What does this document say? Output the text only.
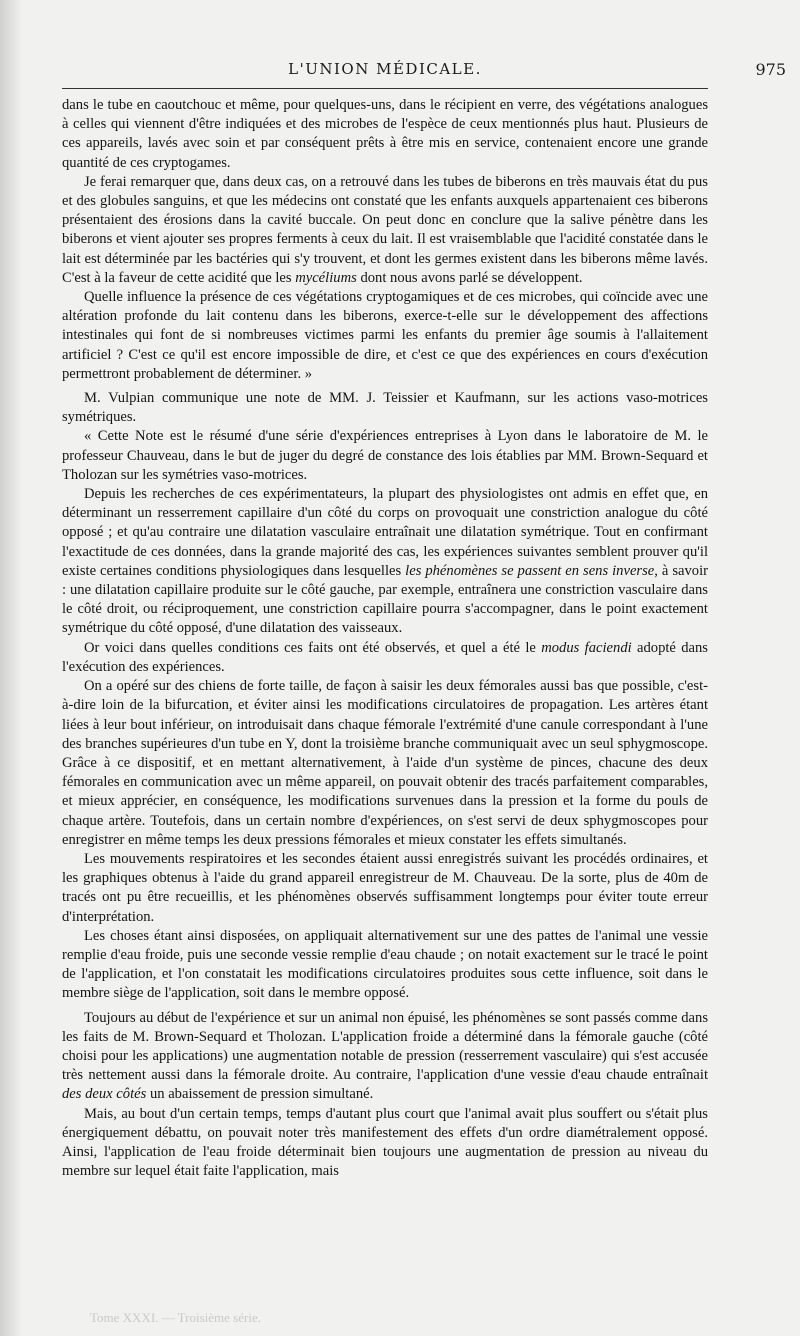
L'UNION MÉDICALE.	975

dans le tube en caoutchouc et même, pour quelques-uns, dans le récipient en verre, des végétations analogues à celles qui viennent d'être indiquées et des microbes de l'espèce de ceux mentionnés plus haut. Plusieurs de ces appareils, lavés avec soin et par conséquent prêts à être mis en service, contenaient encore une grande quantité de ces cryptogames.

Je ferai remarquer que, dans deux cas, on a retrouvé dans les tubes de biberons en très mauvais état du pus et des globules sanguins, et que les médecins ont constaté que les enfants auxquels appartenaient ces biberons présentaient des érosions dans la cavité buccale. On peut donc en conclure que la salive pénètre dans les biberons et vient ajouter ses propres ferments à ceux du lait. Il est vraisemblable que l'acidité constatée dans le lait est déterminée par les bactéries qui s'y trouvent, et dont les germes existent dans les biberons même lavés. C'est à la faveur de cette acidité que les mycéliums dont nous avons parlé se développent.

Quelle influence la présence de ces végétations cryptogamiques et de ces microbes, qui coïncide avec une altération profonde du lait contenu dans les biberons, exerce-t-elle sur le développement des affections intestinales qui font de si nombreuses victimes parmi les enfants du premier âge soumis à l'allaitement artificiel ? C'est ce qu'il est encore impossible de dire, et c'est ce que des expériences en cours d'exécution permettront probablement de déterminer. »

M. Vulpian communique une note de MM. J. Teissier et Kaufmann, sur les actions vaso-motrices symétriques.

« Cette Note est le résumé d'une série d'expériences entreprises à Lyon dans le laboratoire de M. le professeur Chauveau, dans le but de juger du degré de constance des lois établies par MM. Brown-Sequard et Tholozan sur les symétries vaso-motrices.

Depuis les recherches de ces expérimentateurs, la plupart des physiologistes ont admis en effet que, en déterminant un resserrement capillaire d'un côté du corps on provoquait une constriction analogue du côté opposé ; et qu'au contraire une dilatation vasculaire entraînait une dilatation symétrique. Tout en confirmant l'exactitude de ces données, dans la grande majorité des cas, les expériences suivantes semblent prouver qu'il existe certaines conditions physiologiques dans lesquelles les phénomènes se passent en sens inverse, à savoir : une dilatation capillaire produite sur le côté gauche, par exemple, entraînera une constriction vasculaire dans le côté droit, ou réciproquement, une constriction capillaire pourra s'accompagner, dans le point exactement symétrique du côté opposé, d'une dilatation des vaisseaux.

Or voici dans quelles conditions ces faits ont été observés, et quel a été le modus faciendi adopté dans l'exécution des expériences.

On a opéré sur des chiens de forte taille, de façon à saisir les deux fémorales aussi bas que possible, c'est-à-dire loin de la bifurcation, et éviter ainsi les modifications circulatoires de propagation. Les artères étant liées à leur bout inférieur, on introduisait dans chaque fémorale l'extrémité d'une canule correspondant à l'une des branches supérieures d'un tube en Y, dont la troisième branche communiquait avec un seul sphygmoscope. Grâce à ce dispositif, et en mettant alternativement, à l'aide d'un système de pinces, chacune des deux fémorales en communication avec un même appareil, on pouvait obtenir des tracés parfaitement comparables, et mieux apprécier, en conséquence, les modifications survenues dans la pression et la forme du pouls de chaque artère. Toutefois, dans un certain nombre d'expériences, on s'est servi de deux sphygmoscopes pour enregistrer en même temps les deux pressions fémorales et mieux constater les effets simultanés.

Les mouvements respiratoires et les secondes étaient aussi enregistrés suivant les procédés ordinaires, et les graphiques obtenus à l'aide du grand appareil enregistreur de M. Chauveau. De la sorte, plus de 40m de tracés ont pu être recueillis, et les phénomènes observés suffisamment longtemps pour éviter toute erreur d'interprétation.

Les choses étant ainsi disposées, on appliquait alternativement sur une des pattes de l'animal une vessie remplie d'eau froide, puis une seconde vessie remplie d'eau chaude ; on notait exactement sur le tracé le point de l'application, et l'on constatait les modifications circulatoires produites sous cette influence, soit dans le membre siège de l'application, soit dans le membre opposé.

Toujours au début de l'expérience et sur un animal non épuisé, les phénomènes se sont passés comme dans les faits de M. Brown-Sequard et Tholozan. L'application froide a déterminé dans la fémorale gauche (côté choisi pour les applications) une augmentation notable de pression (resserrement vasculaire) qui s'est accusée très nettement aussi dans la fémorale droite. Au contraire, l'application d'une vessie d'eau chaude entraînait des deux côtés un abaissement de pression simultané.

Mais, au bout d'un certain temps, temps d'autant plus court que l'animal avait plus souffert ou s'était plus énergiquement débattu, on pouvait noter très manifestement des effets d'un ordre diamétralement opposé. Ainsi, l'application de l'eau froide déterminait bien toujours une augmentation de pression au niveau du membre sur lequel était faite l'application, mais

Tome XXXI. — Troisième série.
